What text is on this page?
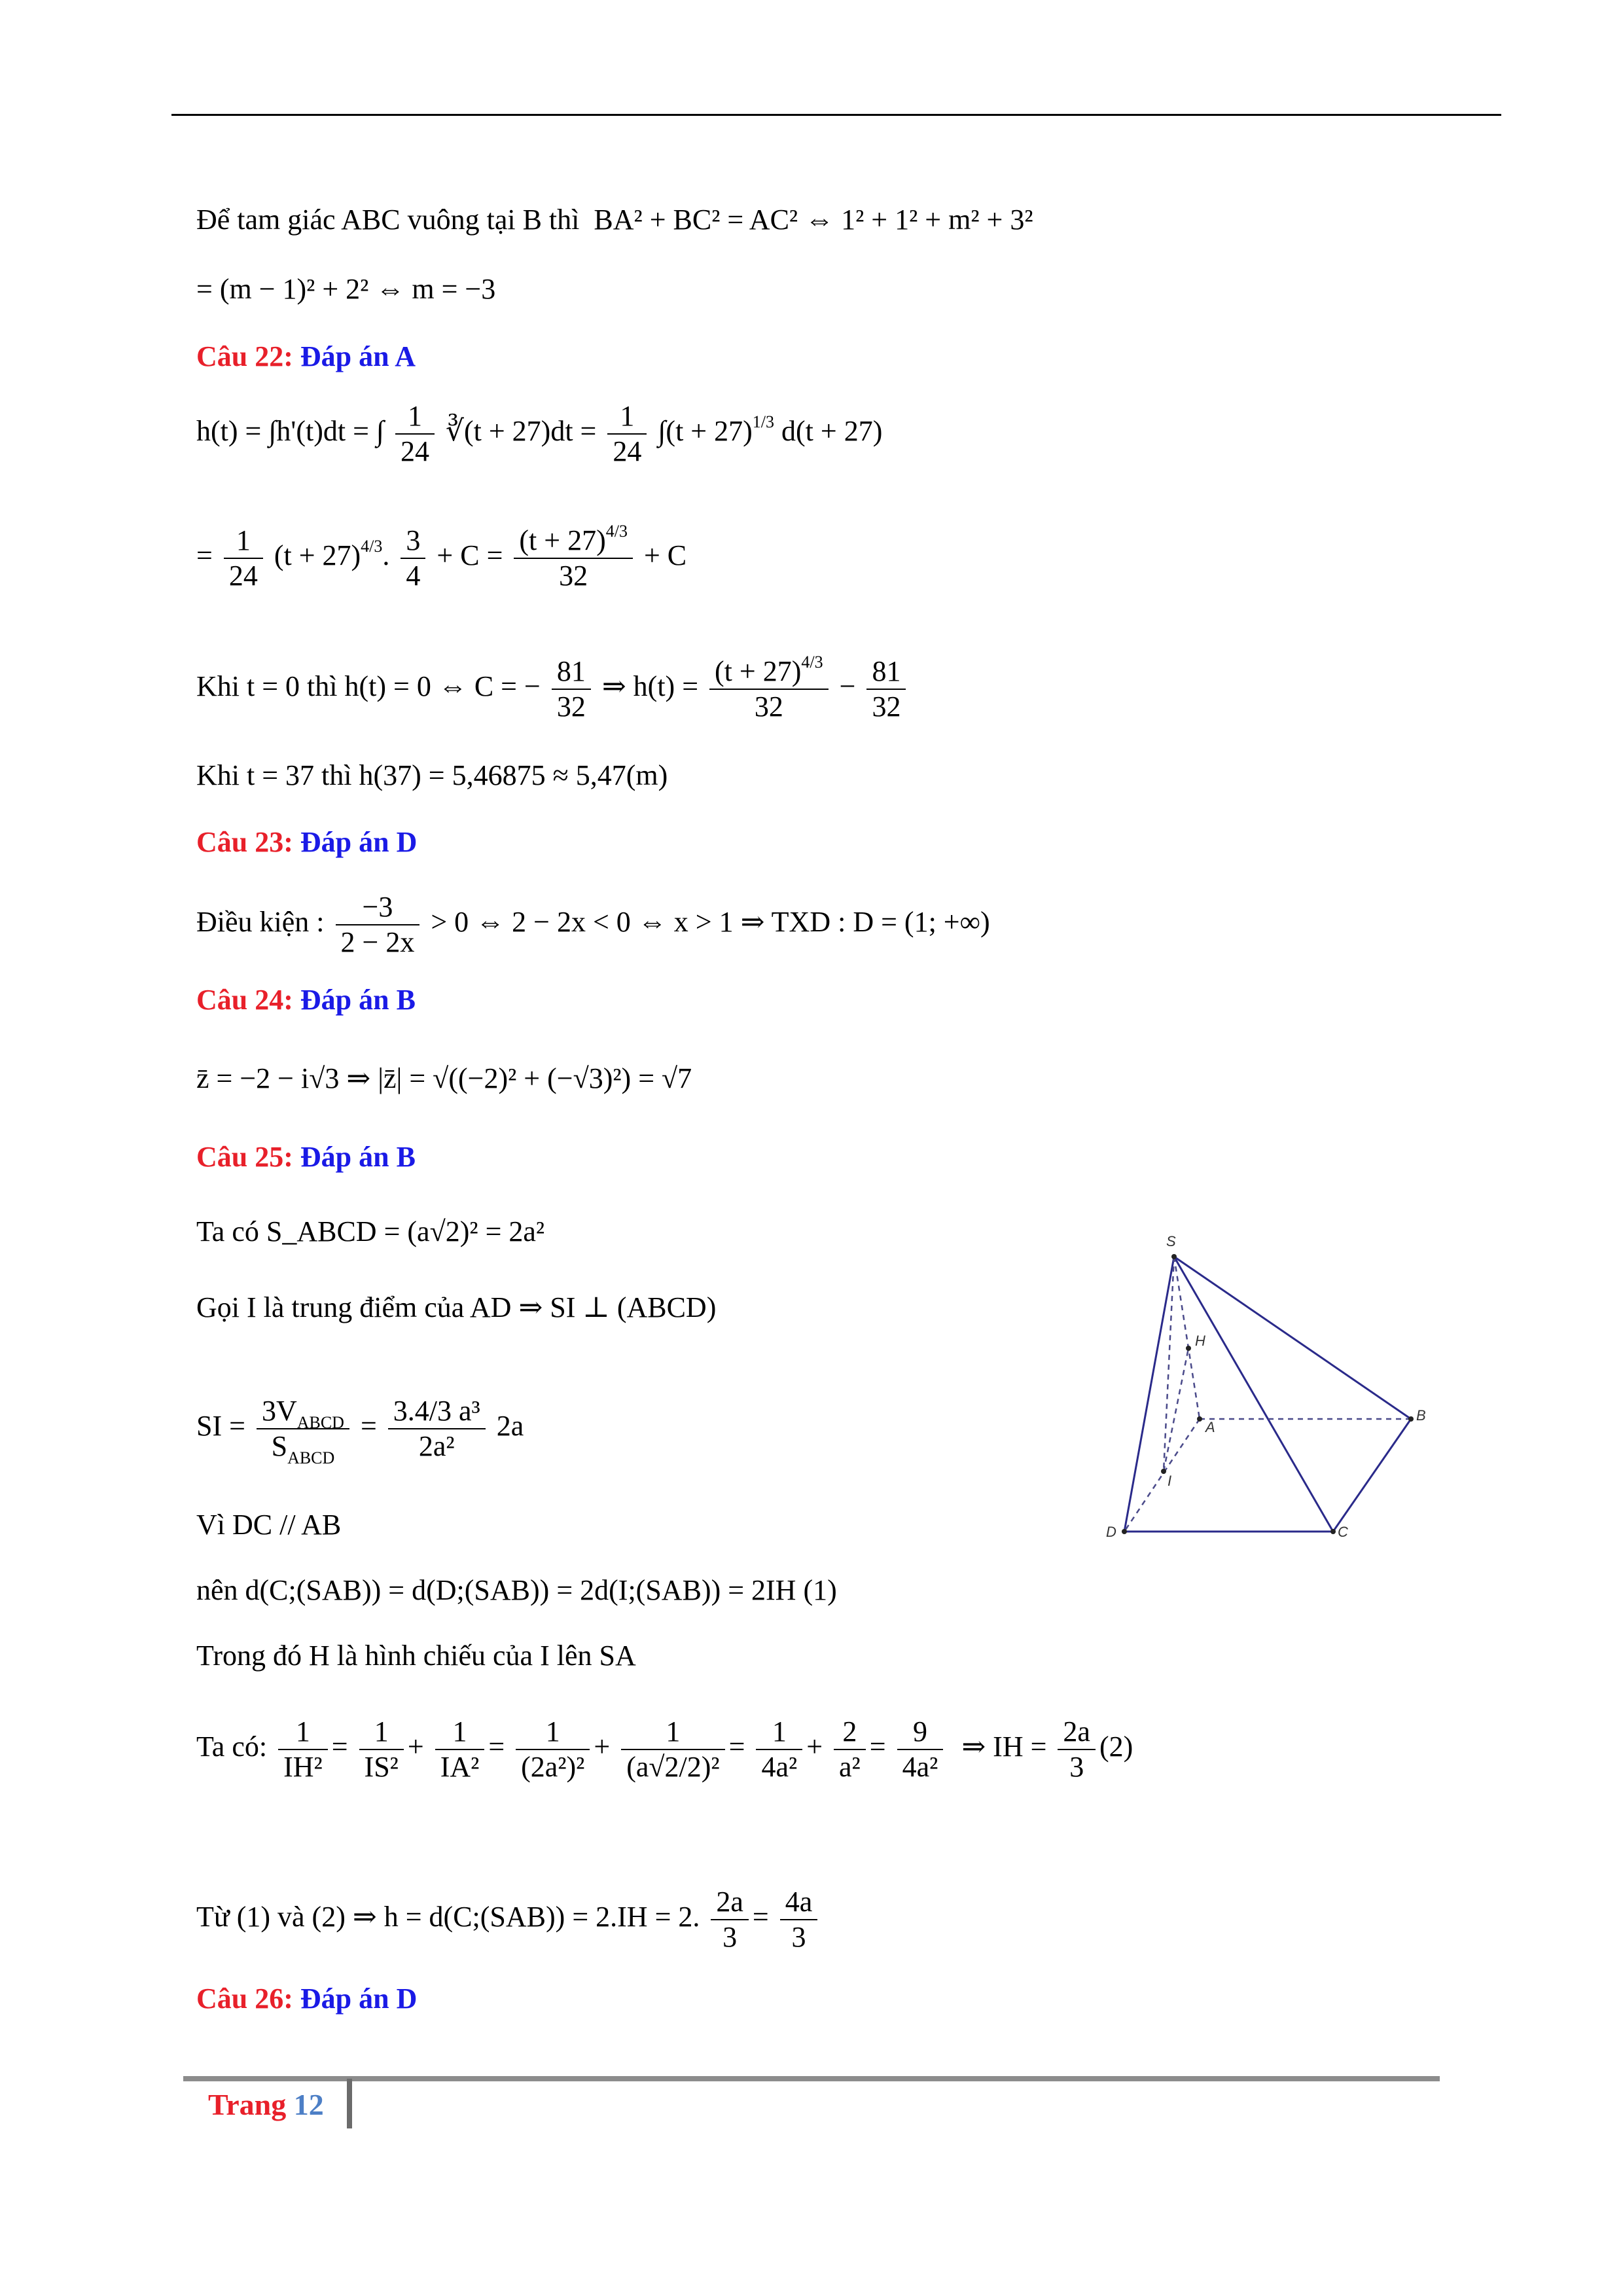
Để tam giác ABC vuông tại B thì BA² + BC² = AC² ⇔ 1² + 1² + m² + 3²
= (m − 1)² + 2² ⇔ m = −3
Câu 22: Đáp án A
h(t) = ∫h'(t)dt = ∫ $\frac{1}{24}$ ∛(t + $27)dt = \frac{1}{24} \int(t + 27)^{1/3}$ d(t + 27)
= $\frac{1}{24} (t + 27)^{4/3}$. $\frac{3}{4} + C = \frac{(t + 27)^{4/3}}{32} + C$
Khi t = 0 thì h(t) = 0 ⇔ C = − $\frac{81}{32}$ ⇒ $h(t) = \frac{(t + 27)^{4/3}}{32} - \frac{81}{32}$
Khi t = 37 thì h(37) = 5,46875 ≈ 5,47(m)
Câu 23: Đáp án D
Điều kiện : $\frac{-3}{2 - 2x} > 0$ ⇔ 2 − 2x < 0 ⇔ x > 1 ⇒ TXD : D = (1; +∞)
Câu 24: Đáp án B
z̄ = −2 − i√3 ⇒ |z̄| = √((−2)² + (−√3)²) = √7
Câu 25: Đáp án B
Ta có S_ABCD = (a√2)² = 2a²
Gọi I là trung điểm của AD ⇒ SI ⊥ (ABCD)
SI = $\frac{3V_{ABCD}}{S_{ABCD}} = \frac{\text{3.4/3 a³}}{\text{2a²}} 2a$
Vì DC // AB
nên d(C;(SAB)) = d(D;(SAB)) = 2d(I;(SAB)) = 2IH (1)
Trong đó H là hình chiếu của I lên SA
Ta có: $\frac{1}{\text{IH²}} = \frac{1}{\text{IS²}} + \frac{1}{\text{IA²}} = \frac{1}{\text{(2a²)²}} + \frac{1}{\text{(a√2/2)²}} = \frac{1}{\text{4a²}} + \frac{2}{\text{a²}} = \frac{9}{\text{4a²}}$ ⇒ IH = $\frac{2a}{3} (2)$
Từ (1) và (2) ⇒ h = d(C;(SAB)) = 2.IH = 2. $\frac{2a}{3} = \frac{4a}{3}$
Câu 26: Đáp án D
S
H
A
B
I
D	C
Trang 12
